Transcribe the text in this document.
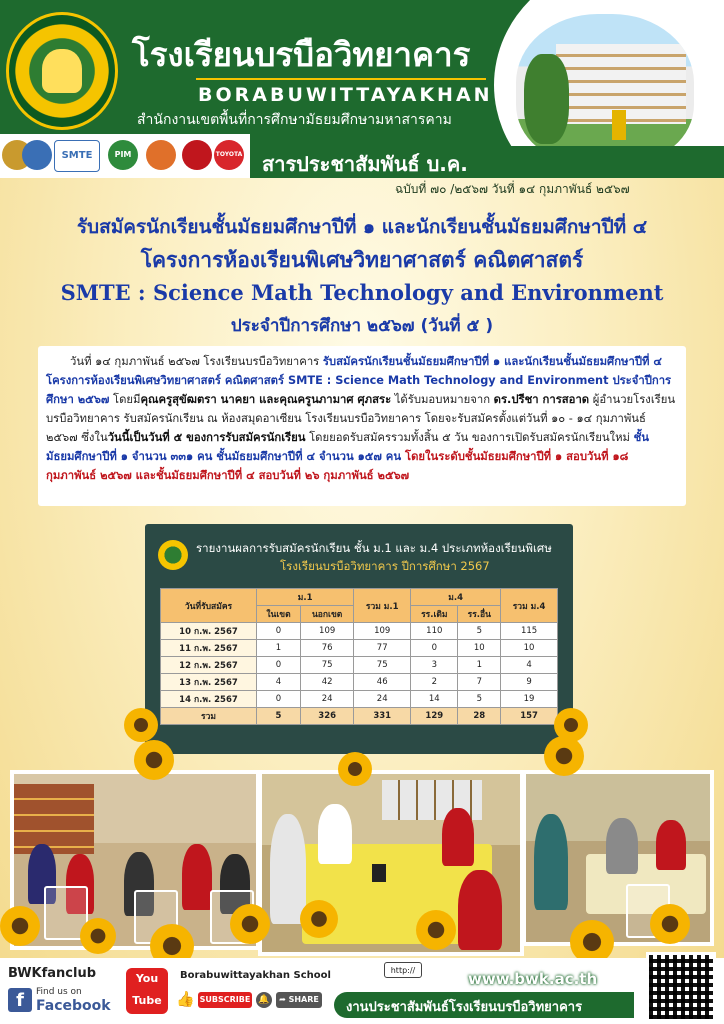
โรงเรียนบรบือวิทยาคาร
BORABUWITTAYAKHAN
สำนักงานเขตพื้นที่การศึกษามัธยมศึกษามหาสารคาม
SMTE	PIM	TOYOTA สารประชาสัมพันธ์ บ.ค.
ฉบับที่ ๗๐ /๒๕๖๗ วันที่ ๑๔ กุมภาพันธ์ ๒๕๖๗
รับสมัครนักเรียนชั้นมัธยมศึกษาปีที่ ๑ และนักเรียนชั้นมัธยมศึกษาปีที่ ๔
โครงการห้องเรียนพิเศษวิทยาศาสตร์ คณิตศาสตร์
SMTE : Science Math Technology and Environment
ประจำปีการศึกษา ๒๕๖๗ (วันที่ ๕ )
วันที่ ๑๔ กุมภาพันธ์ ๒๕๖๗ โรงเรียนบรบือวิทยาคาร รับสมัครนักเรียนชั้นมัธยมศึกษาปีที่ ๑ และนักเรียนชั้นมัธยมศึกษาปีที่ ๔ โครงการห้องเรียนพิเศษวิทยาศาสตร์ คณิตศาสตร์ SMTE : Science Math Technology and Environment ประจำปีการศึกษา ๒๕๖๗ โดยมีคุณครูสุขัฒตรา นาคยา และคุณครูนภามาศ ศุภสระ ได้รับมอบหมายจาก ดร.ปรีชา การสอาด ผู้อำนวยโรงเรียนบรบือวิทยาคาร รับสมัครนักเรียน ณ ห้องสมุดอาเซียน โรงเรียนบรบือวิทยาคาร โดยจะรับสมัครตั้งแต่วันที่ ๑๐ - ๑๔ กุมภาพันธ์ ๒๕๖๗ ซึ่งในวันนี้เป็นวันที่ ๕ ของการรับสมัครนักเรียน โดยยอดรับสมัครรวมทั้งสิ้น ๕ วัน ของการเปิดรับสมัครนักเรียนใหม่ ชั้นมัธยมศึกษาปีที่ ๑ จำนวน ๓๓๑ คน ชั้นมัธยมศึกษาปีที่ ๔ จำนวน ๑๕๗ คน โดยในระดับชั้นมัธยมศึกษาปีที่ ๑ สอบวันที่ ๑๘ กุมภาพันธ์ ๒๕๖๗ และชั้นมัธยมศึกษาปีที่ ๔ สอบวันที่ ๒๖ กุมภาพันธ์ ๒๕๖๗
รายงานผลการรับสมัครนักเรียน ชั้น ม.1 และ ม.4 ประเภทห้องเรียนพิเศษ
โรงเรียนบรบือวิทยาคาร ปีการศึกษา 2567
วันที่รับสมัคร	ม.1		รวม ม.1	ม.4		รวม ม.4
	ในเขต	นอกเขต		รร.เดิม	รร.อื่น	
10 ก.พ. 2567	0	109	109	110	5	115
11 ก.พ. 2567	1	76	77	0	10	10
12 ก.พ. 2567	0	75	75	3	1	4
13 ก.พ. 2567	4	42	46	2	7	9
14 ก.พ. 2567	0	24	24	14	5	19
รวม	5	326	331	129	28	157
BWKfanclub
f	Find us on
Facebook
You
Tube
Borabuwittayakhan School
👍 SUBSCRIBE 🔔	➦ SHARE
http://	www.bwk.ac.th
งานประชาสัมพันธ์โรงเรียนบรบือวิทยาคาร
